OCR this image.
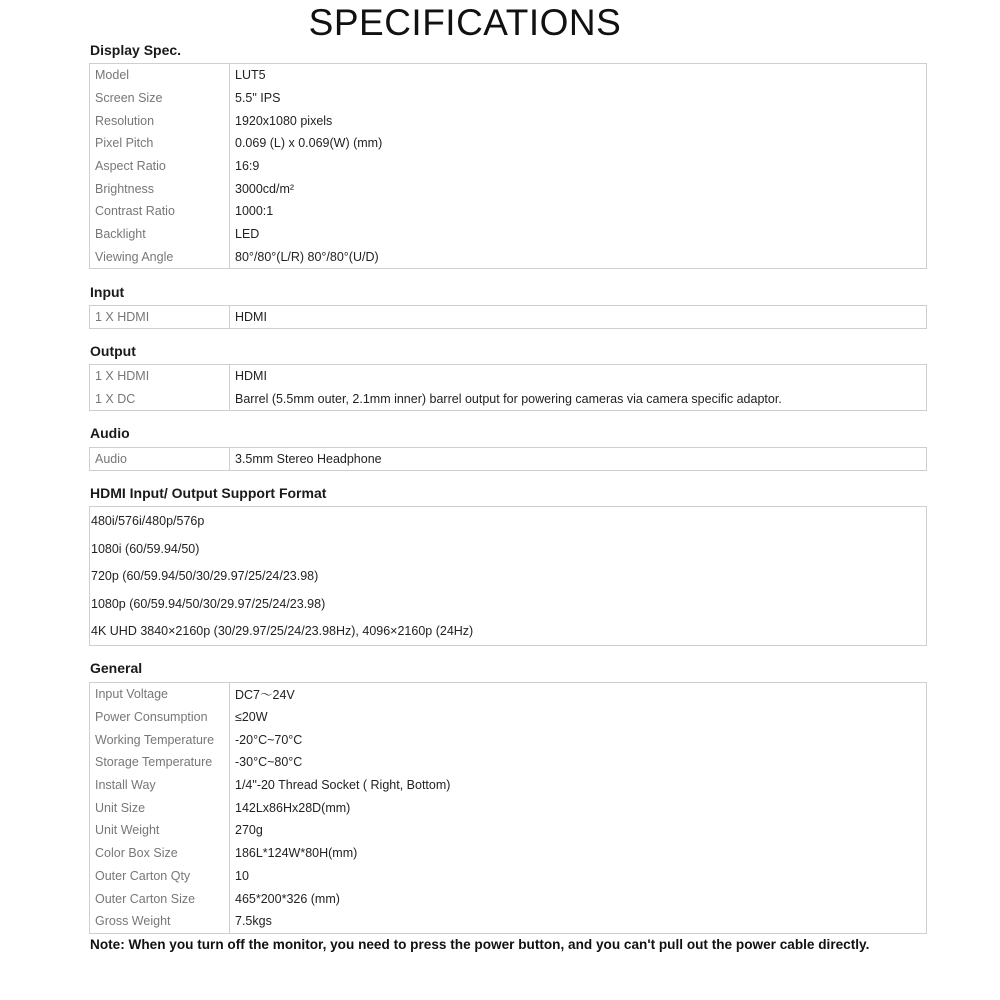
SPECIFICATIONS
Display Spec.
Model	LUT5
Screen Size	5.5" IPS
Resolution	1920x1080 pixels
Pixel Pitch	0.069 (L) x 0.069(W) (mm)
Aspect Ratio	16:9
Brightness	3000cd/m²
Contrast Ratio	1000:1
Backlight	LED
Viewing Angle	80°/80°(L/R) 80°/80°(U/D)
Input
1 X HDMI	HDMI
Output
1 X HDMI	HDMI
1 X DC	Barrel (5.5mm outer, 2.1mm inner) barrel output for powering cameras via camera specific adaptor.
Audio
Audio	3.5mm Stereo Headphone
HDMI Input/ Output Support Format
480i/576i/480p/576p
1080i (60/59.94/50)
720p (60/59.94/50/30/29.97/25/24/23.98)
1080p (60/59.94/50/30/29.97/25/24/23.98)
4K UHD 3840×2160p (30/29.97/25/24/23.98Hz), 4096×2160p (24Hz)
General
Input Voltage	DC7～24V
Power Consumption	≤20W
Working Temperature	-20°C~70°C
Storage Temperature	-30°C~80°C
Install Way	1/4"-20 Thread Socket ( Right, Bottom)
Unit Size	142Lx86Hx28D(mm)
Unit Weight	270g
Color Box Size	186L*124W*80H(mm)
Outer Carton Qty	10
Outer Carton Size	465*200*326 (mm)
Gross Weight	7.5kgs
Note: When you turn off the monitor, you need to press the power button, and you can't pull out the power cable directly.
